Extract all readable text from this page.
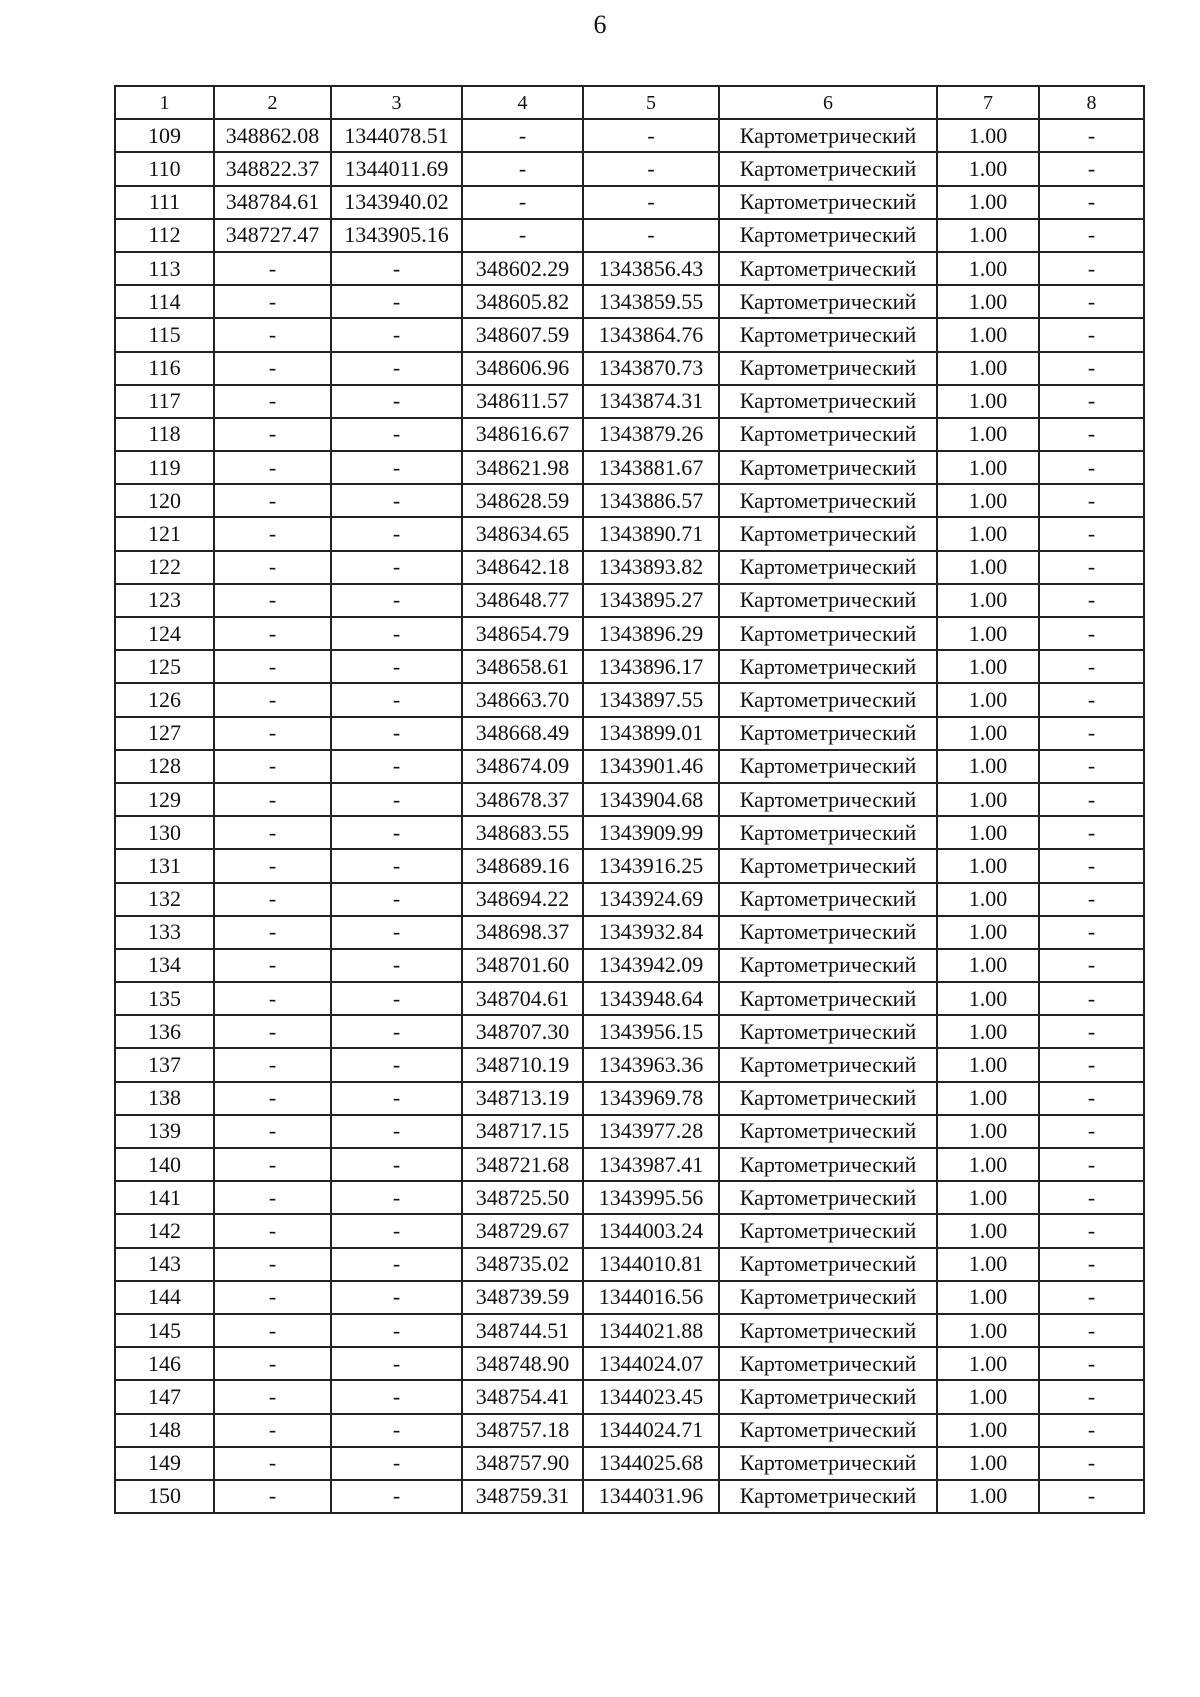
6
1	2	3	4	5	6	7	8
109	348862.08	1344078.51	-	-	Картометрический	1.00	-
110	348822.37	1344011.69	-	-	Картометрический	1.00	-
111	348784.61	1343940.02	-	-	Картометрический	1.00	-
112	348727.47	1343905.16	-	-	Картометрический	1.00	-
113	-	-	348602.29	1343856.43	Картометрический	1.00	-
114	-	-	348605.82	1343859.55	Картометрический	1.00	-
115	-	-	348607.59	1343864.76	Картометрический	1.00	-
116	-	-	348606.96	1343870.73	Картометрический	1.00	-
117	-	-	348611.57	1343874.31	Картометрический	1.00	-
118	-	-	348616.67	1343879.26	Картометрический	1.00	-
119	-	-	348621.98	1343881.67	Картометрический	1.00	-
120	-	-	348628.59	1343886.57	Картометрический	1.00	-
121	-	-	348634.65	1343890.71	Картометрический	1.00	-
122	-	-	348642.18	1343893.82	Картометрический	1.00	-
123	-	-	348648.77	1343895.27	Картометрический	1.00	-
124	-	-	348654.79	1343896.29	Картометрический	1.00	-
125	-	-	348658.61	1343896.17	Картометрический	1.00	-
126	-	-	348663.70	1343897.55	Картометрический	1.00	-
127	-	-	348668.49	1343899.01	Картометрический	1.00	-
128	-	-	348674.09	1343901.46	Картометрический	1.00	-
129	-	-	348678.37	1343904.68	Картометрический	1.00	-
130	-	-	348683.55	1343909.99	Картометрический	1.00	-
131	-	-	348689.16	1343916.25	Картометрический	1.00	-
132	-	-	348694.22	1343924.69	Картометрический	1.00	-
133	-	-	348698.37	1343932.84	Картометрический	1.00	-
134	-	-	348701.60	1343942.09	Картометрический	1.00	-
135	-	-	348704.61	1343948.64	Картометрический	1.00	-
136	-	-	348707.30	1343956.15	Картометрический	1.00	-
137	-	-	348710.19	1343963.36	Картометрический	1.00	-
138	-	-	348713.19	1343969.78	Картометрический	1.00	-
139	-	-	348717.15	1343977.28	Картометрический	1.00	-
140	-	-	348721.68	1343987.41	Картометрический	1.00	-
141	-	-	348725.50	1343995.56	Картометрический	1.00	-
142	-	-	348729.67	1344003.24	Картометрический	1.00	-
143	-	-	348735.02	1344010.81	Картометрический	1.00	-
144	-	-	348739.59	1344016.56	Картометрический	1.00	-
145	-	-	348744.51	1344021.88	Картометрический	1.00	-
146	-	-	348748.90	1344024.07	Картометрический	1.00	-
147	-	-	348754.41	1344023.45	Картометрический	1.00	-
148	-	-	348757.18	1344024.71	Картометрический	1.00	-
149	-	-	348757.90	1344025.68	Картометрический	1.00	-
150	-	-	348759.31	1344031.96	Картометрический	1.00	-
